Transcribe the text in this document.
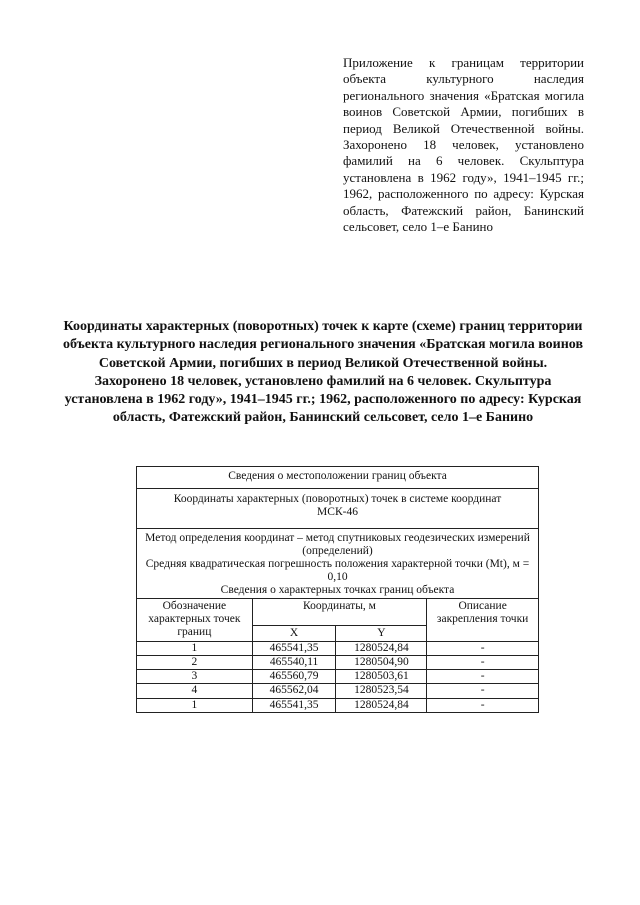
Приложение к границам территории объекта культурного наследия регионального значения «Братская могила воинов Советской Армии, погибших в период Великой Отечественной войны. Захоронено 18 человек, установлено фамилий на 6 человек. Скульптура установлена в 1962 году», 1941–1945 гг.; 1962, расположенного по адресу: Курская область, Фатежский район, Банинский сельсовет, село 1–е Банино
Координаты характерных (поворотных) точек к карте (схеме) границ территории объекта культурного наследия регионального значения «Братская могила воинов Советской Армии, погибших в период Великой Отечественной войны. Захоронено 18 человек, установлено фамилий на 6 человек. Скульптура установлена в 1962 году», 1941–1945 гг.; 1962, расположенного по адресу: Курская область, Фатежский район, Банинский сельсовет, село 1–е Банино
Сведения о местоположении границ объекта			
Координаты характерных (поворотных) точек в системе координат МСК-46			

Метод определения координат – метод спутниковых геодезических измерений (определений)
Средняя квадратическая погрешность положения характерной точки (Mt), м = 0,10
Сведения о характерных точках границ объекта			

Обозначение характерных точек границ	Координаты, м		Описание закрепления точки
	X	Y	
1	465541,35	1280524,84	-
2	465540,11	1280504,90	-
3	465560,79	1280503,61	-
4	465562,04	1280523,54	-
1	465541,35	1280524,84	-
